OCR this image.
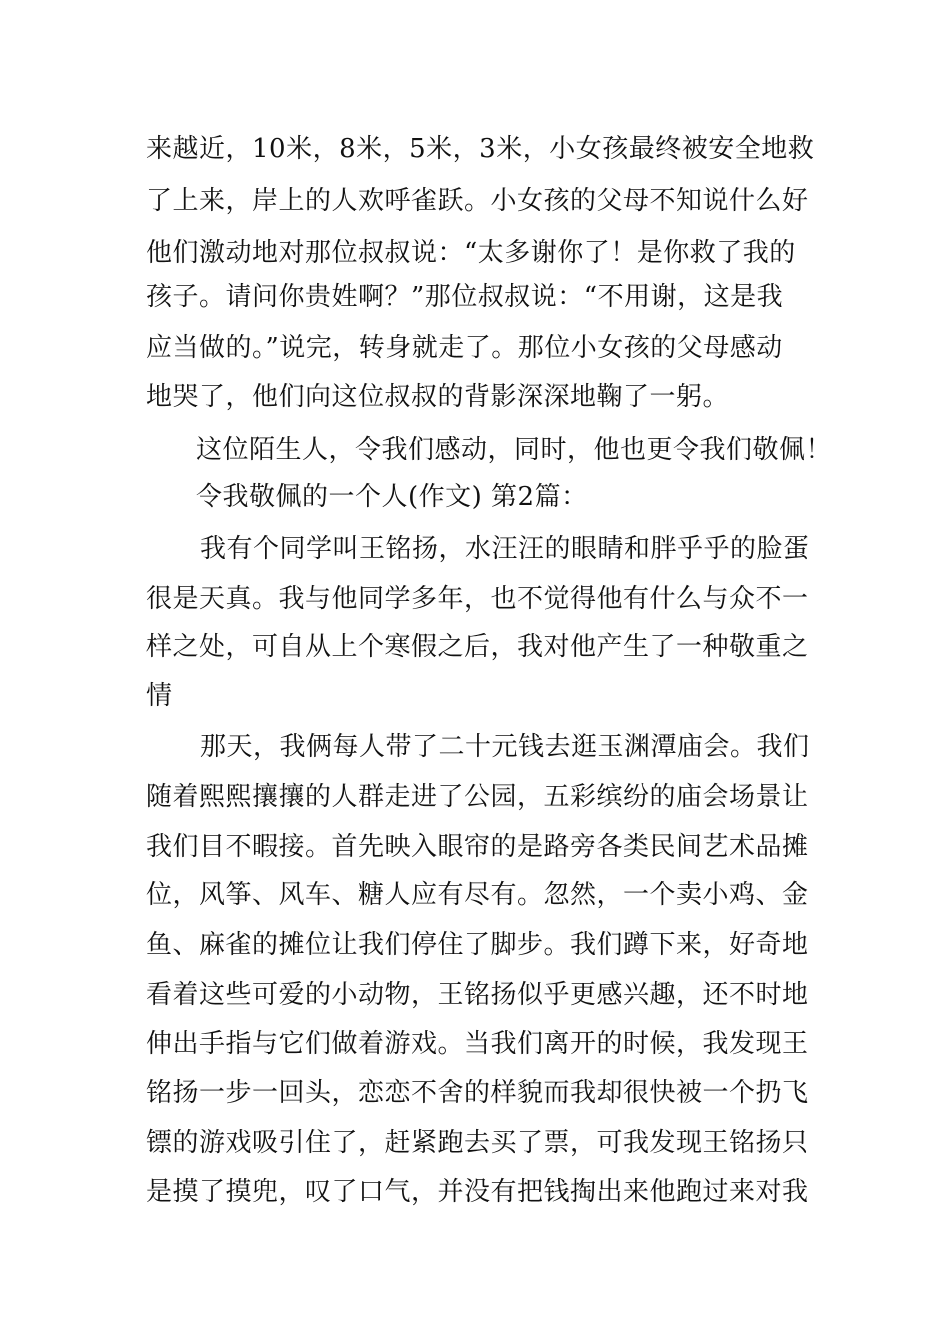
来越近，10米，8米，5米，3米，小女孩最终被安全地救
了上来，岸上的人欢呼雀跃。小女孩的父母不知说什么好
他们激动地对那位叔叔说：“太多谢你了！是你救了我的
孩子。请问你贵姓啊？”那位叔叔说：“不用谢，这是我
应当做的。”说完，转身就走了。那位小女孩的父母感动
地哭了，他们向这位叔叔的背影深深地鞠了一躬。
这位陌生人，令我们感动，同时，他也更令我们敬佩！
令我敬佩的一个人(作文) 第2篇：
我有个同学叫王铭扬，水汪汪的眼睛和胖乎乎的脸蛋
很是天真。我与他同学多年，也不觉得他有什么与众不一
样之处，可自从上个寒假之后，我对他产生了一种敬重之
情
那天，我俩每人带了二十元钱去逛玉渊潭庙会。我们
随着熙熙攘攘的人群走进了公园，五彩缤纷的庙会场景让
我们目不暇接。首先映入眼帘的是路旁各类民间艺术品摊
位，风筝、风车、糖人应有尽有。忽然，一个卖小鸡、金
鱼、麻雀的摊位让我们停住了脚步。我们蹲下来，好奇地
看着这些可爱的小动物，王铭扬似乎更感兴趣，还不时地
伸出手指与它们做着游戏。当我们离开的时候，我发现王
铭扬一步一回头，恋恋不舍的样貌而我却很快被一个扔飞
镖的游戏吸引住了，赶紧跑去买了票，可我发现王铭扬只
是摸了摸兜，叹了口气，并没有把钱掏出来他跑过来对我
